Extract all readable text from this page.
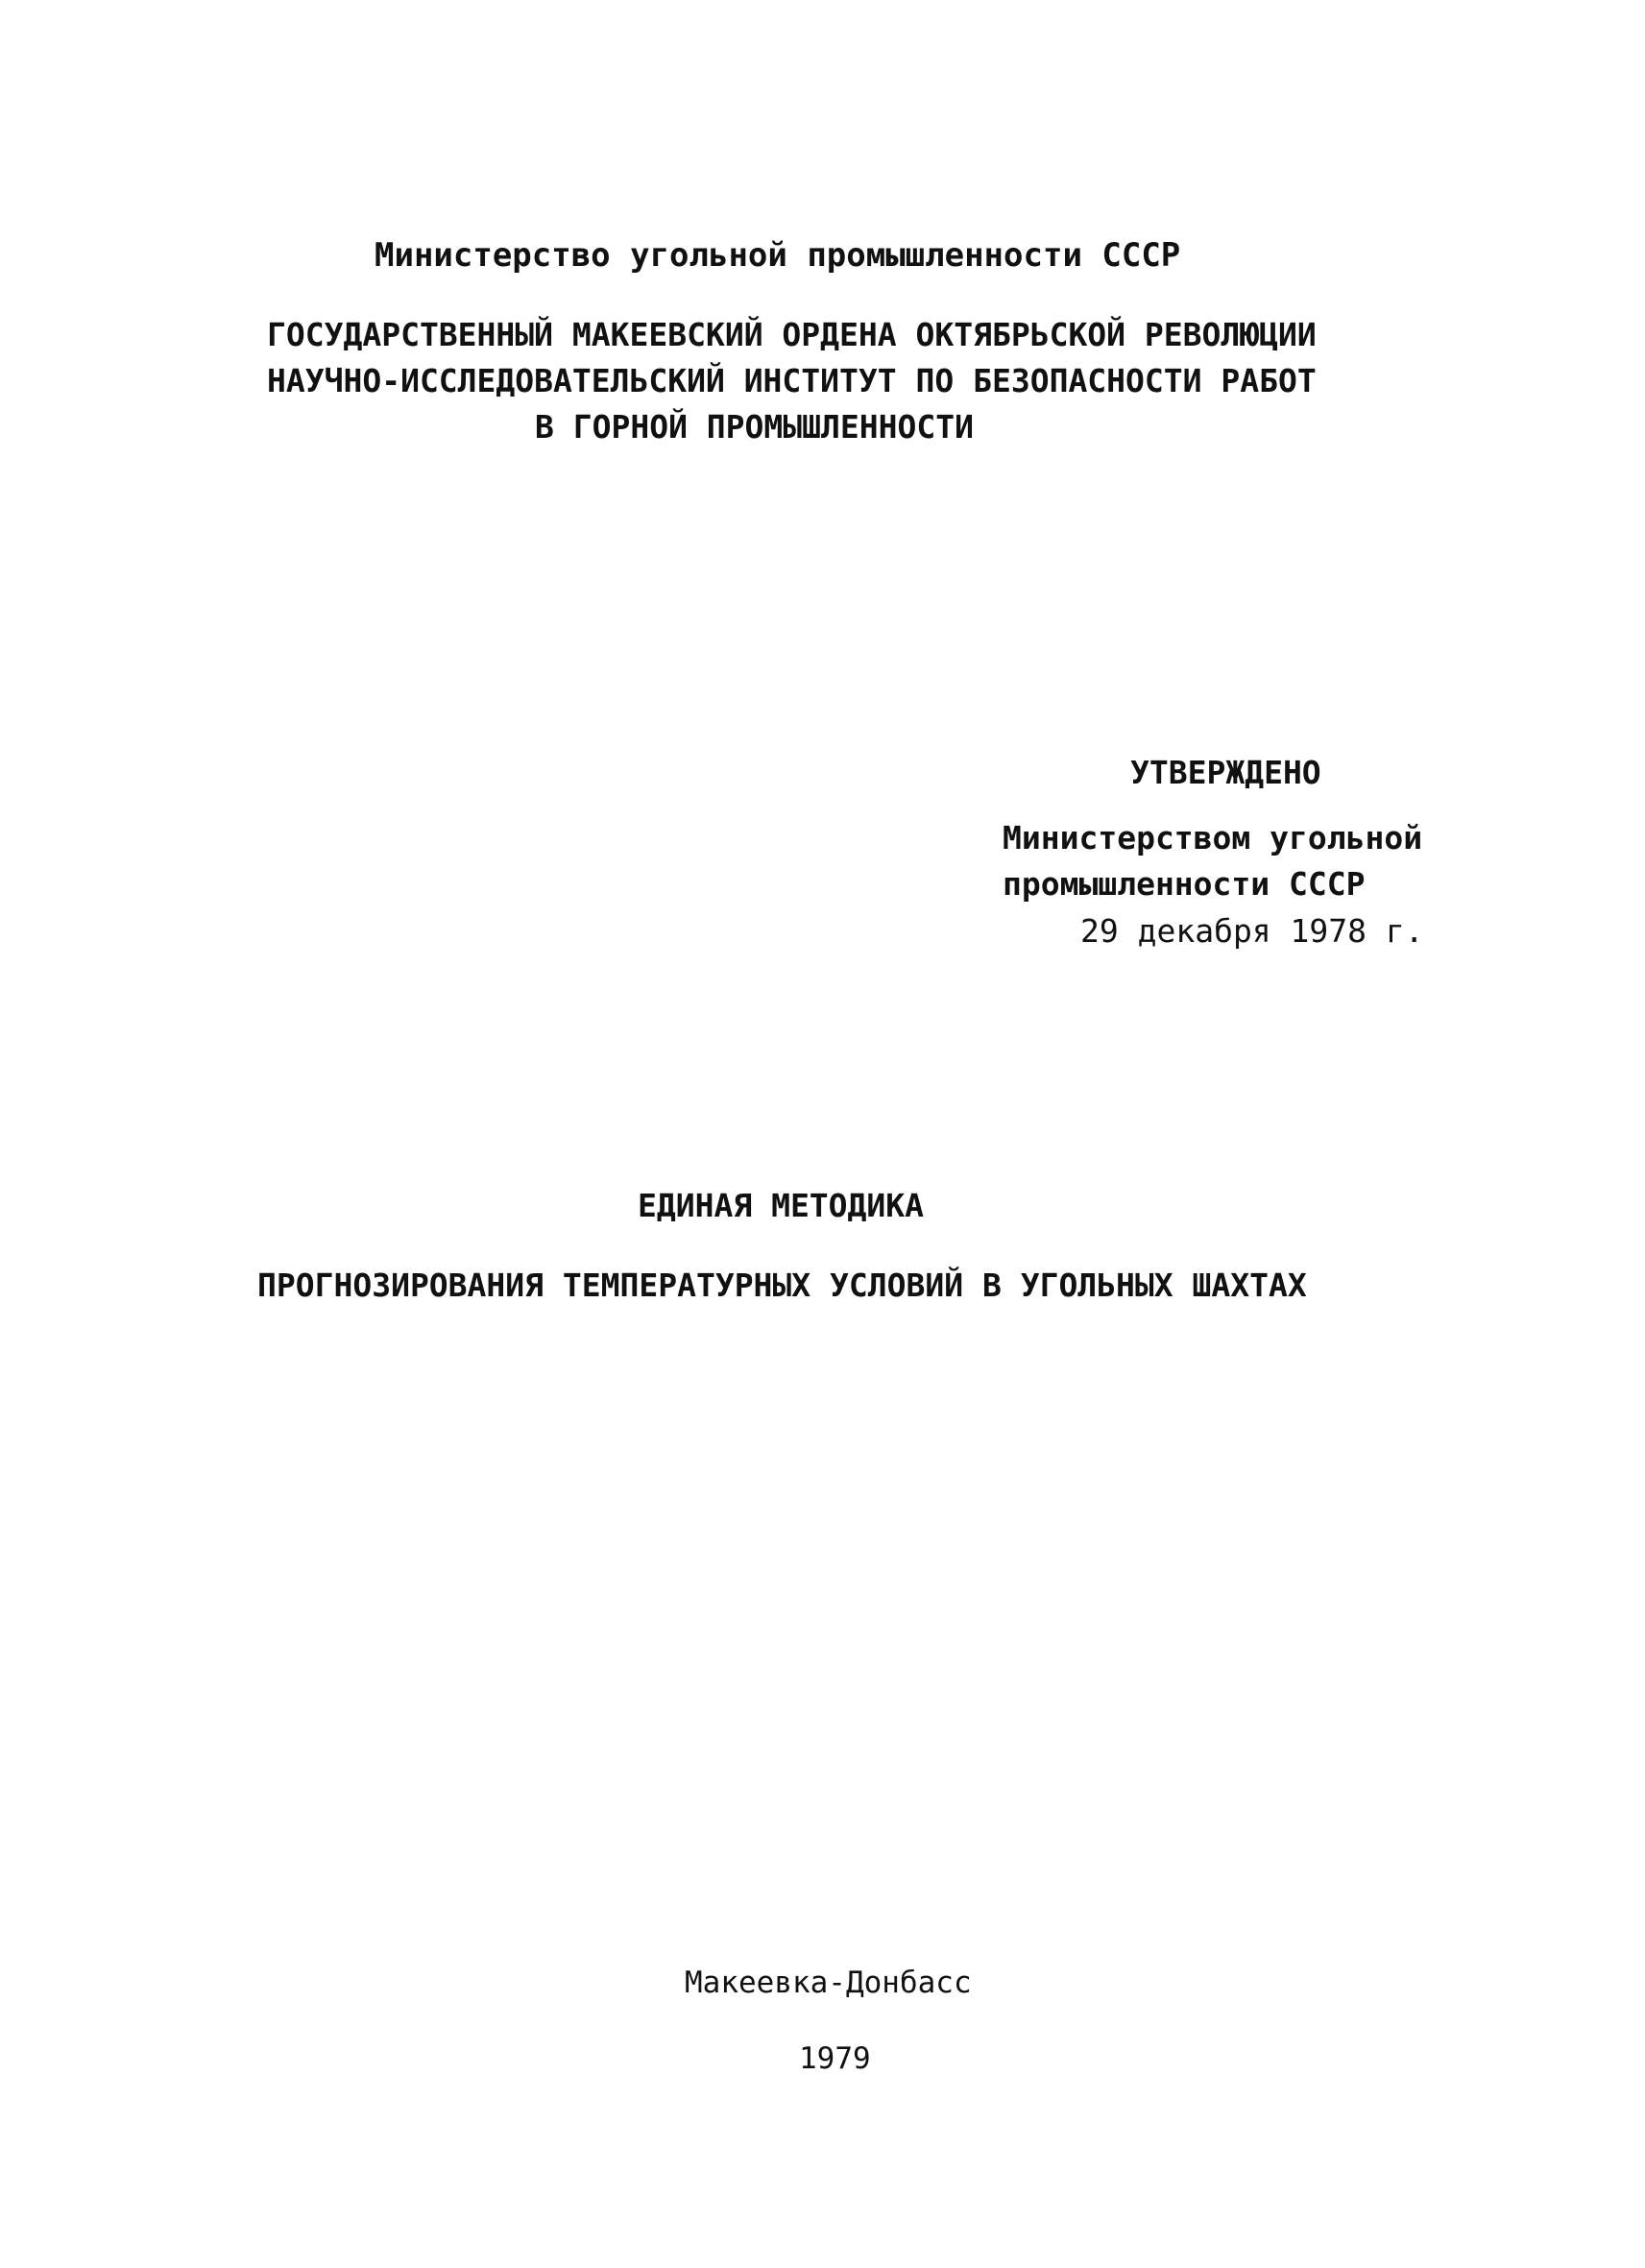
Министерство угольной промышленности СССР
ГОСУДАРСТВЕННЫЙ МАКЕЕВСКИЙ ОРДЕНА ОКТЯБРЬСКОЙ РЕВОЛЮЦИИ
НАУЧНО-ИССЛЕДОВАТЕЛЬСКИЙ ИНСТИТУТ ПО БЕЗОПАСНОСТИ РАБОТ
В ГОРНОЙ ПРОМЫШЛЕННОСТИ
УТВЕРЖДЕНО
Министерством угольной
промышленности СССР
29 декабря 1978 г.
ЕДИНАЯ МЕТОДИКА
ПРОГНОЗИРОВАНИЯ ТЕМПЕРАТУРНЫХ УСЛОВИЙ В УГОЛЬНЫХ ШАХТАХ
Макеевка-Донбасс
1979
